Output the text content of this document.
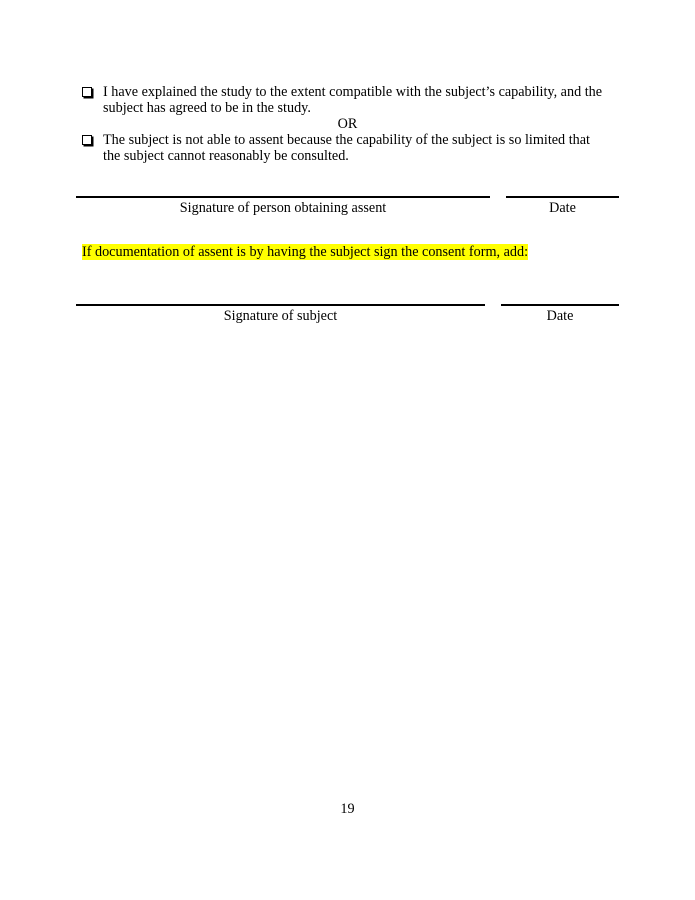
I have explained the study to the extent compatible with the subject’s capability, and the subject has agreed to be in the study.
OR
The subject is not able to assent because the capability of the subject is so limited that the subject cannot reasonably be consulted.
Signature of person obtaining assent	Date
If documentation of assent is by having the subject sign the consent form, add:
Signature of subject	Date
19
